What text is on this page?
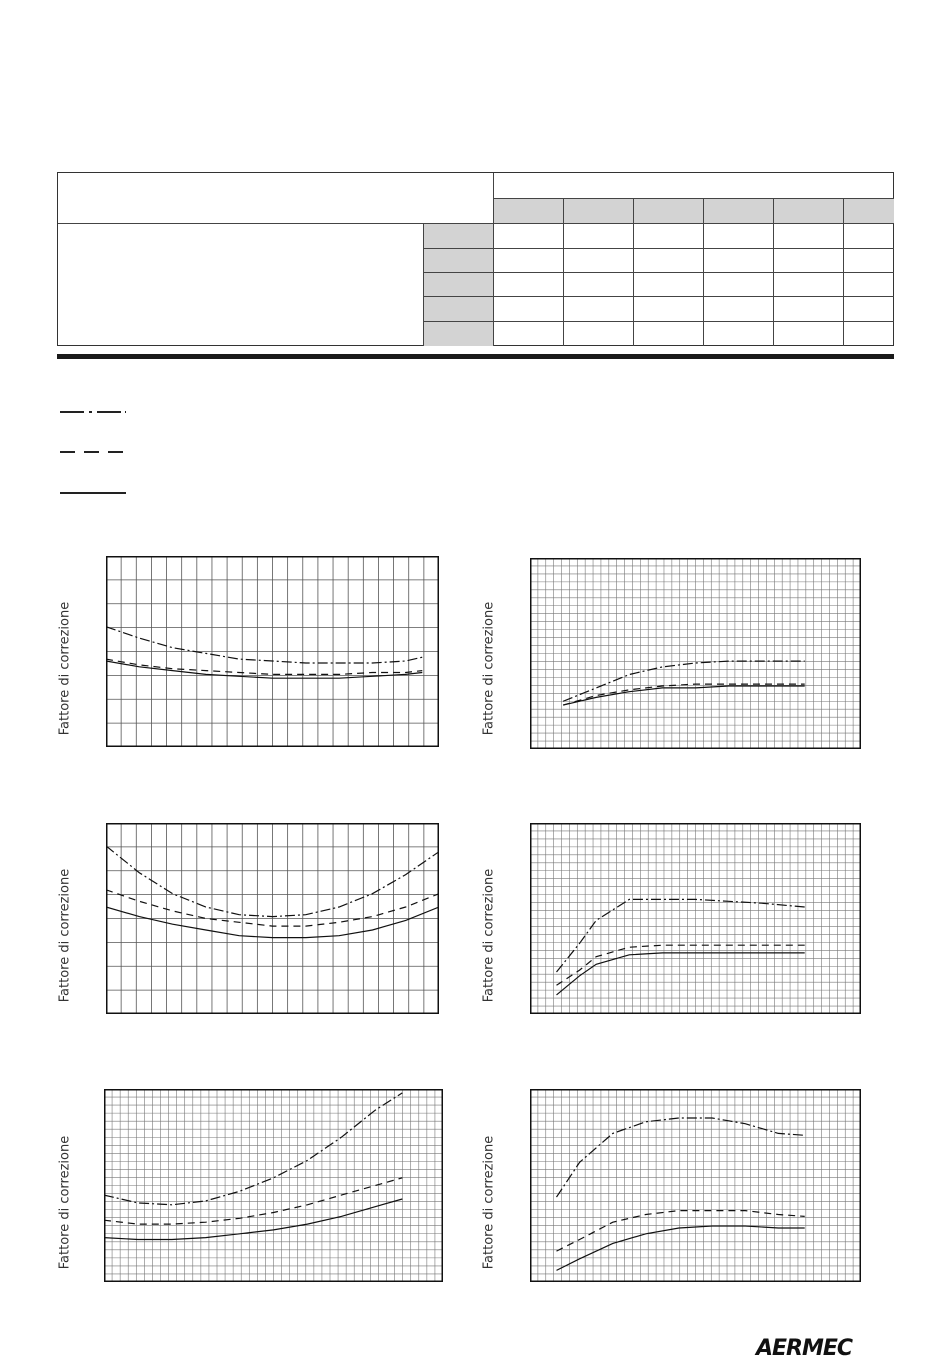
Fattore di correzione	Fattore di correzione
Fattore di correzione	Fattore di correzione
Fattore di correzione	Fattore di correzione
AERMEC
